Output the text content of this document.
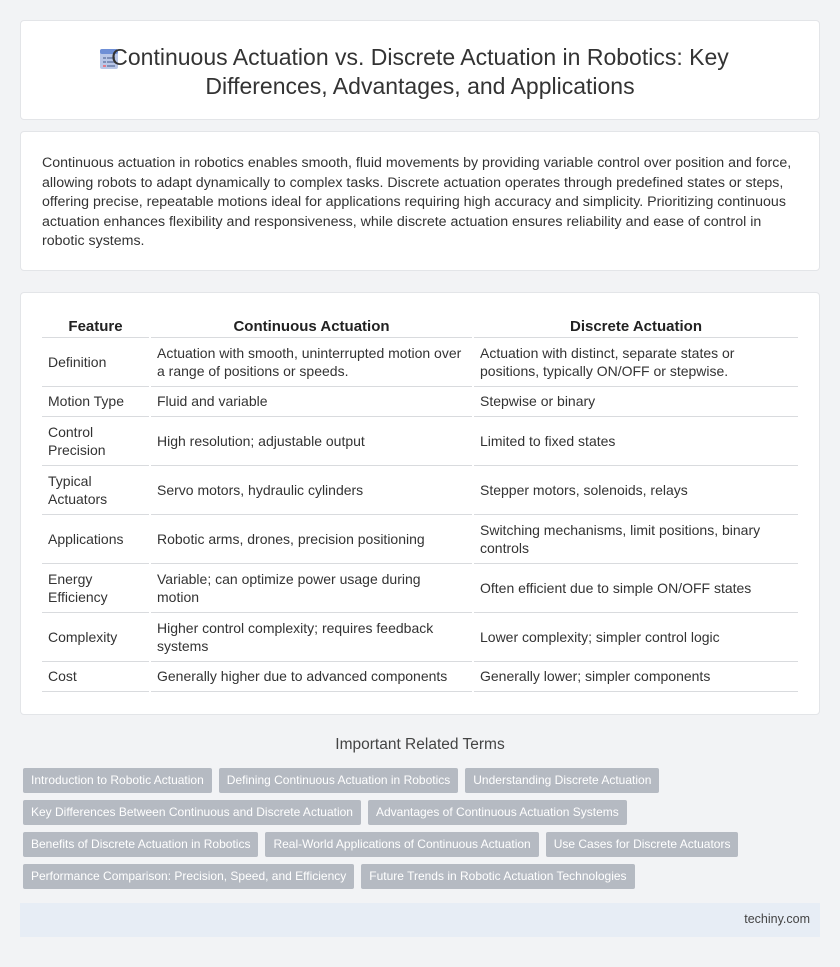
Continuous Actuation vs. Discrete Actuation in Robotics: Key Differences, Advantages, and Applications

Continuous actuation in robotics enables smooth, fluid movements by providing variable control over position and force, allowing robots to adapt dynamically to complex tasks. Discrete actuation operates through predefined states or steps, offering precise, repeatable motions ideal for applications requiring high accuracy and simplicity. Prioritizing continuous actuation enhances flexibility and responsiveness, while discrete actuation ensures reliability and ease of control in robotic systems.

Feature	Continuous Actuation	Discrete Actuation
Definition	Actuation with smooth, uninterrupted motion over a range of positions or speeds.	Actuation with distinct, separate states or positions, typically ON/OFF or stepwise.
Motion Type	Fluid and variable	Stepwise or binary
Control Precision	High resolution; adjustable output	Limited to fixed states
Typical Actuators	Servo motors, hydraulic cylinders	Stepper motors, solenoids, relays
Applications	Robotic arms, drones, precision positioning	Switching mechanisms, limit positions, binary controls
Energy Efficiency	Variable; can optimize power usage during motion	Often efficient due to simple ON/OFF states
Complexity	Higher control complexity; requires feedback systems	Lower complexity; simpler control logic
Cost	Generally higher due to advanced components	Generally lower; simpler components
Important Related Terms
Introduction to Robotic Actuation	Defining Continuous Actuation in Robotics	Understanding Discrete Actuation
Key Differences Between Continuous and Discrete Actuation	Advantages of Continuous Actuation Systems
Benefits of Discrete Actuation in Robotics	Real-World Applications of Continuous Actuation	Use Cases for Discrete Actuators
Performance Comparison: Precision, Speed, and Efficiency	Future Trends in Robotic Actuation Technologies
techiny.com
